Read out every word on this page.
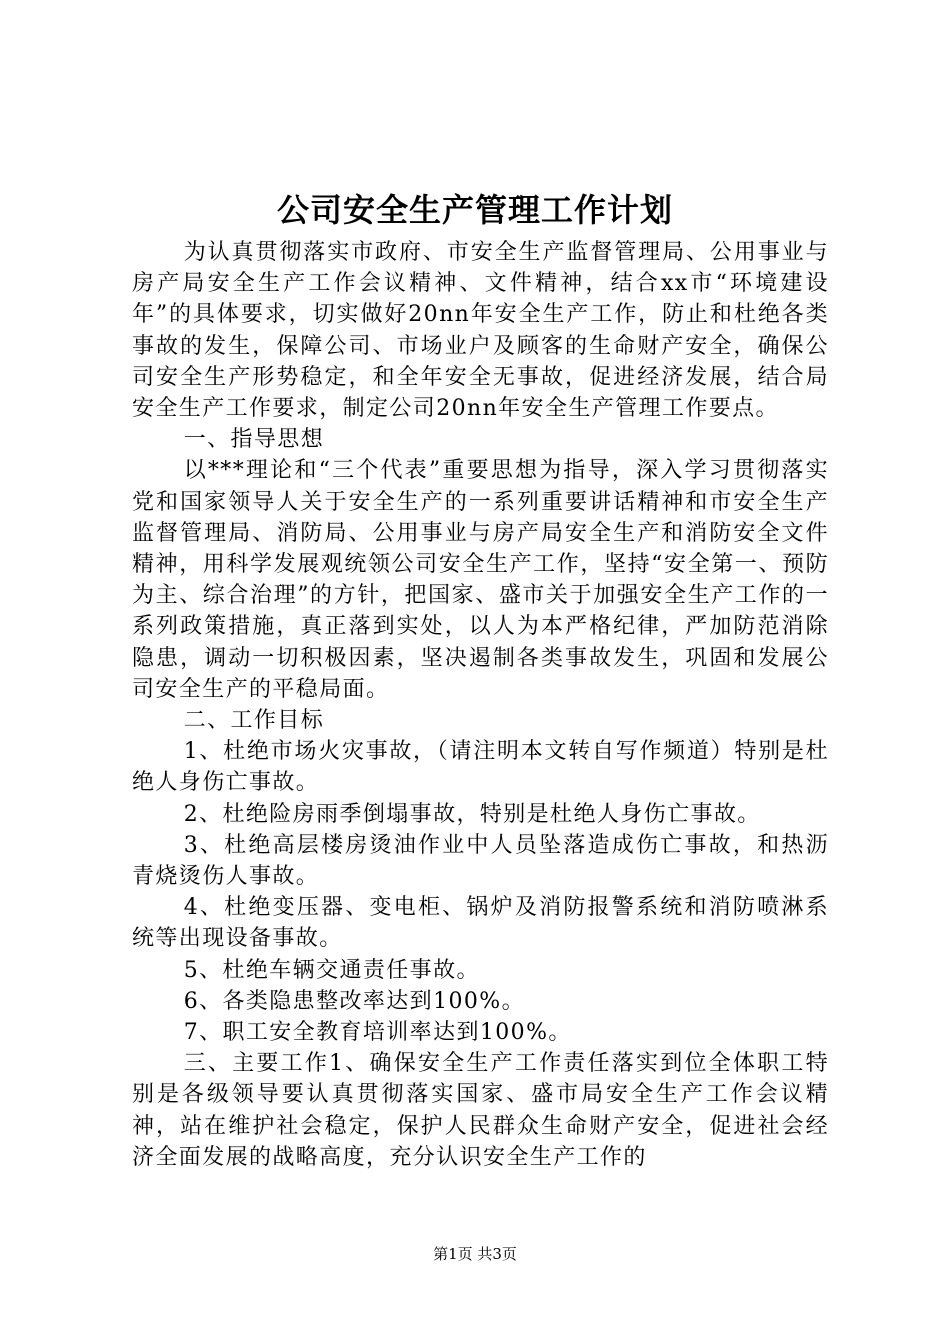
公司安全生产管理工作计划

为认真贯彻落实市政府、市安全生产监督管理局、公用事业与房产局安全生产工作会议精神、文件精神，结合xx市“环境建设年”的具体要求，切实做好20nn年安全生产工作，防止和杜绝各类事故的发生，保障公司、市场业户及顾客的生命财产安全，确保公司安全生产形势稳定，和全年安全无事故，促进经济发展，结合局安全生产工作要求，制定公司20nn年安全生产管理工作要点。

一、指导思想

以***理论和“三个代表”重要思想为指导，深入学习贯彻落实党和国家领导人关于安全生产的一系列重要讲话精神和市安全生产监督管理局、消防局、公用事业与房产局安全生产和消防安全文件精神，用科学发展观统领公司安全生产工作，坚持“安全第一、预防为主、综合治理”的方针，把国家、盛市关于加强安全生产工作的一系列政策措施，真正落到实处，以人为本严格纪律，严加防范消除隐患，调动一切积极因素，坚决遏制各类事故发生，巩固和发展公司安全生产的平稳局面。

二、工作目标

1、杜绝市场火灾事故，（请注明本文转自写作频道）特别是杜绝人身伤亡事故。

2、杜绝险房雨季倒塌事故，特别是杜绝人身伤亡事故。

3、杜绝高层楼房烫油作业中人员坠落造成伤亡事故，和热沥青烧烫伤人事故。

4、杜绝变压器、变电柜、锅炉及消防报警系统和消防喷淋系统等出现设备事故。

5、杜绝车辆交通责任事故。

6、各类隐患整改率达到100%。

7、职工安全教育培训率达到100%。

三、主要工作1、确保安全生产工作责任落实到位全体职工特别是各级领导要认真贯彻落实国家、盛市局安全生产工作会议精神，站在维护社会稳定，保护人民群众生命财产安全，促进社会经济全面发展的战略高度，充分认识安全生产工作的

第1页 共3页
